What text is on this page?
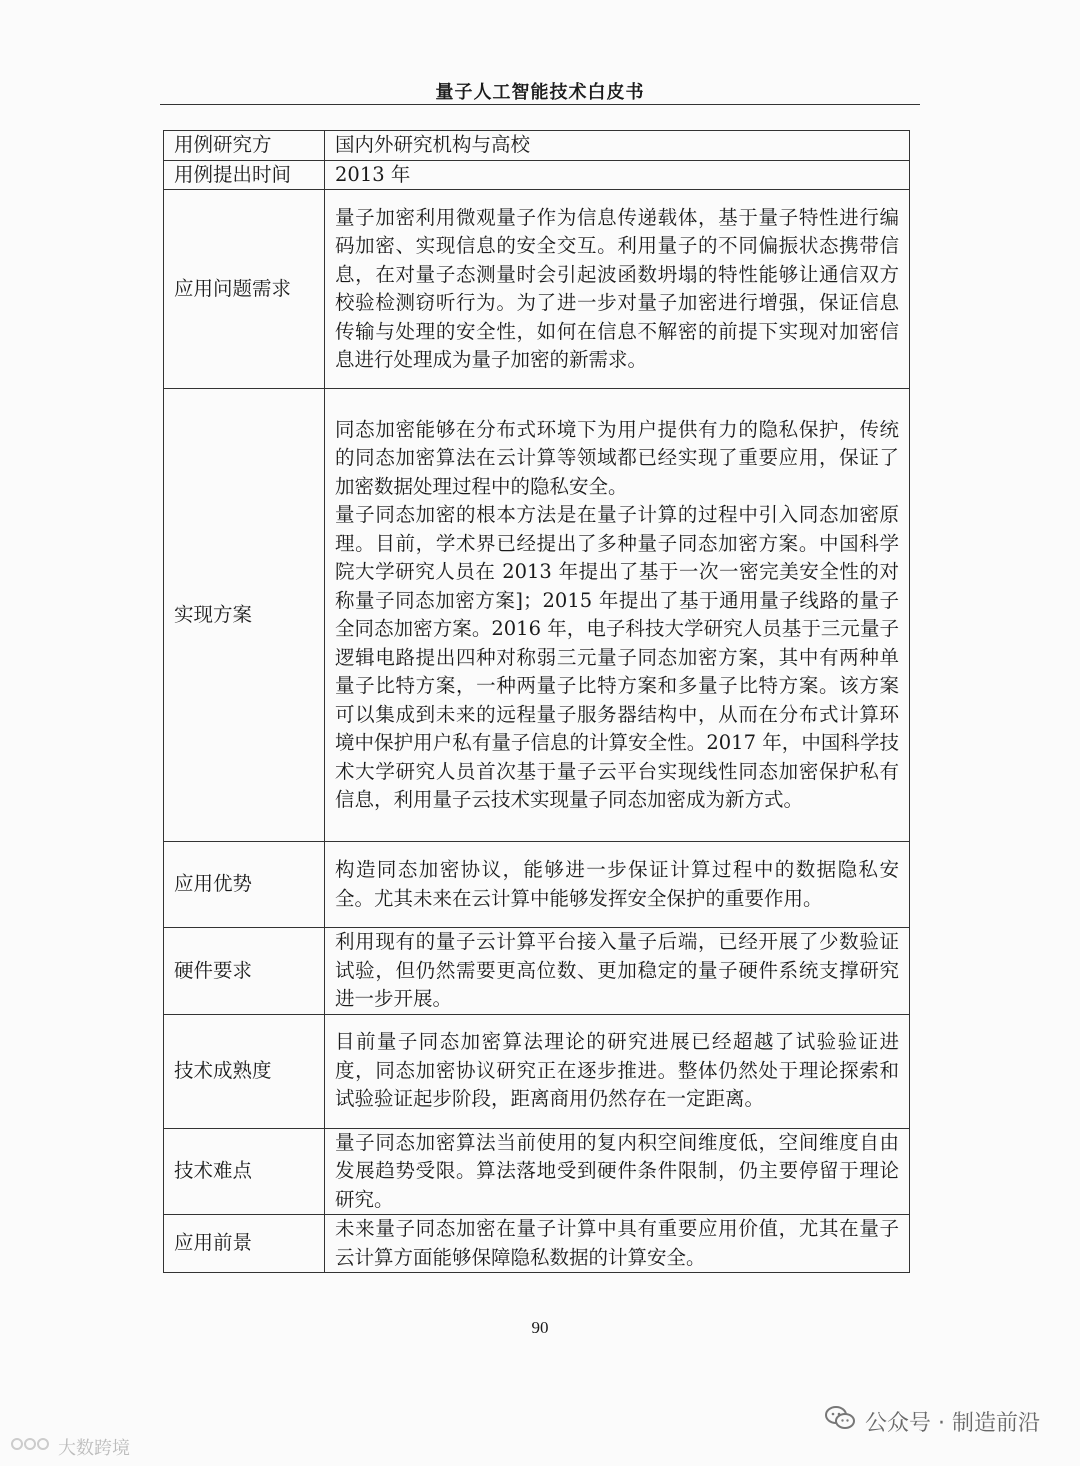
量子人工智能技术白皮书
用例研究方	国内外研究机构与高校

用例提出时间	2013 年

应用问题需求	量子加密利用微观量子作为信息传递载体，基于量子特性进行编码加密、实现信息的安全交互。利用量子的不同偏振状态携带信息，在对量子态测量时会引起波函数坍塌的特性能够让通信双方校验检测窃听行为。为了进一步对量子加密进行增强，保证信息传输与处理的安全性，如何在信息不解密的前提下实现对加密信息进行处理成为量子加密的新需求。

实现方案	同态加密能够在分布式环境下为用户提供有力的隐私保护，传统的同态加密算法在云计算等领域都已经实现了重要应用，保证了加密数据处理过程中的隐私安全。

量子同态加密的根本方法是在量子计算的过程中引入同态加密原理。目前，学术界已经提出了多种量子同态加密方案。中国科学院大学研究人员在 2013 年提出了基于一次一密完美安全性的对称量子同态加密方案]；2015 年提出了基于通用量子线路的量子全同态加密方案。2016 年，电子科技大学研究人员基于三元量子逻辑电路提出四种对称弱三元量子同态加密方案，其中有两种单量子比特方案，一种两量子比特方案和多量子比特方案。该方案可以集成到未来的远程量子服务器结构中，从而在分布式计算环境中保护用户私有量子信息的计算安全性。2017 年，中国科学技术大学研究人员首次基于量子云平台实现线性同态加密保护私有信息，利用量子云技术实现量子同态加密成为新方式。

应用优势	构造同态加密协议，能够进一步保证计算过程中的数据隐私安全。尤其未来在云计算中能够发挥安全保护的重要作用。

硬件要求	利用现有的量子云计算平台接入量子后端，已经开展了少数验证试验，但仍然需要更高位数、更加稳定的量子硬件系统支撑研究进一步开展。

技术成熟度	目前量子同态加密算法理论的研究进展已经超越了试验验证进度，同态加密协议研究正在逐步推进。整体仍然处于理论探索和试验验证起步阶段，距离商用仍然存在一定距离。

技术难点	量子同态加密算法当前使用的复内积空间维度低，空间维度自由发展趋势受限。算法落地受到硬件条件限制，仍主要停留于理论研究。

应用前景	未来量子同态加密在量子计算中具有重要应用价值，尤其在量子云计算方面能够保障隐私数据的计算安全。

90
公众号 · 制造前沿
大数跨境
